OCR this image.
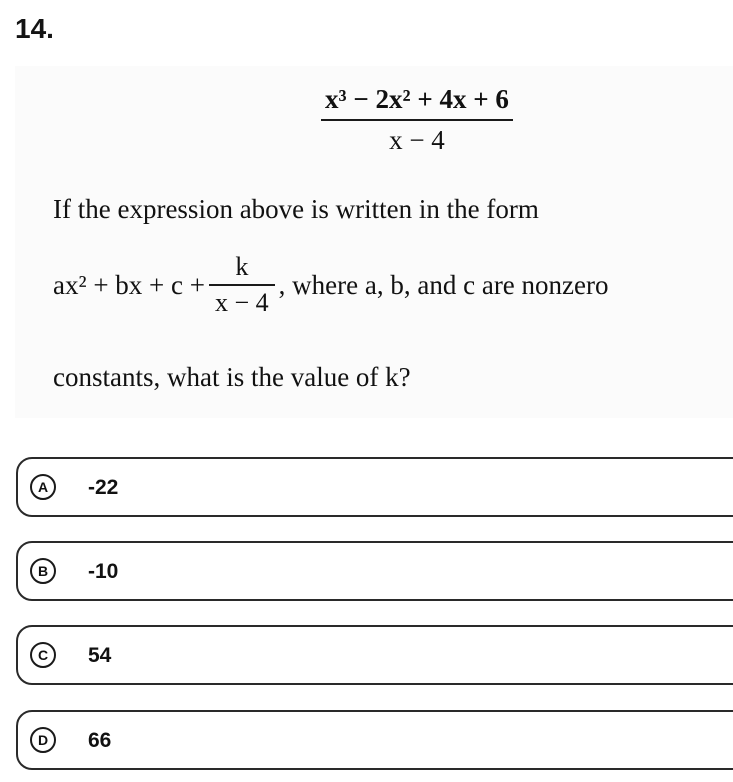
14.
$\frac{\text{x³ − 2x² + 4x + 6}}{x - 4}$
If the expression above is written in the form
ax² + bx + $c + \frac{k}{x - 4}$ , where a, b, and c are nonzero
constants, what is the value of k?
A	-22
B	-10
C	54
D	66
